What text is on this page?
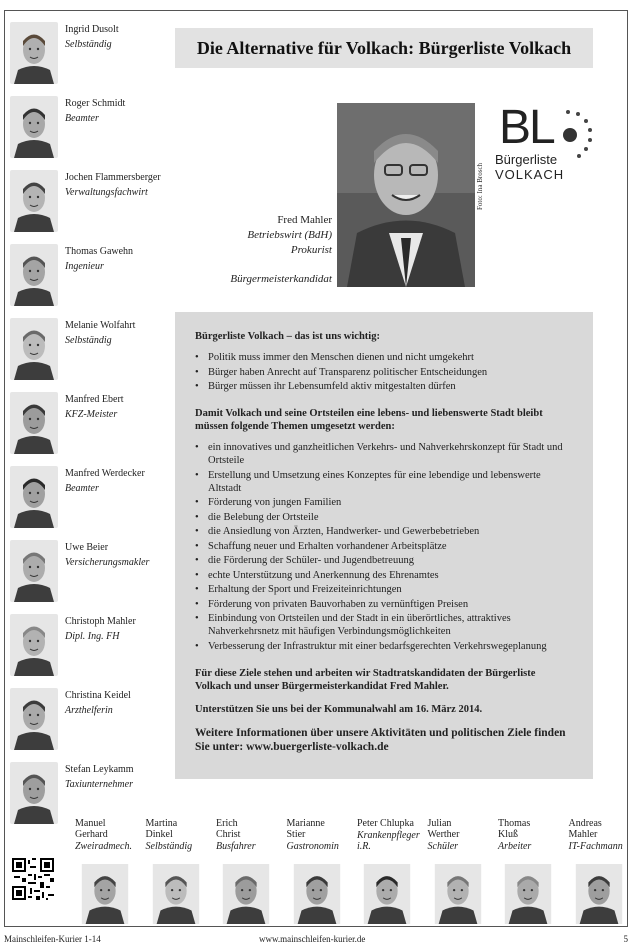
Ingrid Dusolt
Selbständig
Roger Schmidt
Beamter
Jochen Flammersberger
Verwaltungsfachwirt
Thomas Gawehn
Ingenieur
Melanie Wolfahrt
Selbständig
Manfred Ebert
KFZ-Meister
Manfred Werdecker
Beamter
Uwe Beier
Versicherungsmakler
Christoph Mahler
Dipl. Ing. FH
Christina Keidel
Arzthelferin
Stefan Leykamm
Taxiunternehmer
Die Alternative für Volkach: Bürgerliste Volkach
Fred Mahler
Betriebswirt (BdH)
Prokurist
Bürgermeisterkandidat
Foto: Ina Brosch
BL
Bürgerliste
VOLKACH
Bürgerliste Volkach – das ist uns wichtig:
• Politik muss immer den Menschen dienen und nicht umgekehrt
• Bürger haben Anrecht auf Transparenz politischer Entscheidungen
• Bürger müssen ihr Lebensumfeld aktiv mitgestalten dürfen
Damit Volkach und seine Ortsteilen eine lebens- und liebenswerte Stadt bleibt müssen folgende Themen umgesetzt werden:
• ein innovatives und ganzheitlichen Verkehrs- und Nahverkehrskonzept für Stadt und Ortsteile
• Erstellung und Umsetzung eines Konzeptes für eine lebendige und lebenswerte Altstadt
• Förderung von jungen Familien
• die Belebung der Ortsteile
• die Ansiedlung von Ärzten, Handwerker- und Gewerbebetrieben
• Schaffung neuer und Erhalten vorhandener Arbeitsplätze
• die Förderung der Schüler- und Jugendbetreuung
• echte Unterstützung und Anerkennung des Ehrenamtes
• Erhaltung der Sport und Freizeiteinrichtungen
• Förderung von privaten Bauvorhaben zu vernünftigen Preisen
• Einbindung von Ortsteilen und der Stadt in ein überörtliches, attraktives Nahverkehrsnetz mit häufigen Verbindungsmöglichkeiten
• Verbesserung der Infrastruktur mit einer bedarfsgerechten Verkehrswegeplanung
Für diese Ziele stehen und arbeiten wir Stadtratskandidaten der Bürgerliste Volkach und unser Bürgermeisterkandidat Fred Mahler.
Unterstützen Sie uns bei der Kommunalwahl am 16. März 2014.
Weitere Informationen über unsere Aktivitäten und politischen Ziele finden Sie unter: www.buergerliste-volkach.de
Manuel
Gerhard
Zweiradmech.
Martina
Dinkel
Selbständig
Erich
Christ
Busfahrer
Marianne
Stier
Gastronomin
Peter Chlupka
Krankenpfleger i.R.
Julian
Werther
Schüler
Thomas
Kluß
Arbeiter
Andreas
Mahler
IT-Fachmann
Mainschleifen-Kurier 1-14	www.mainschleifen-kurier.de	5
